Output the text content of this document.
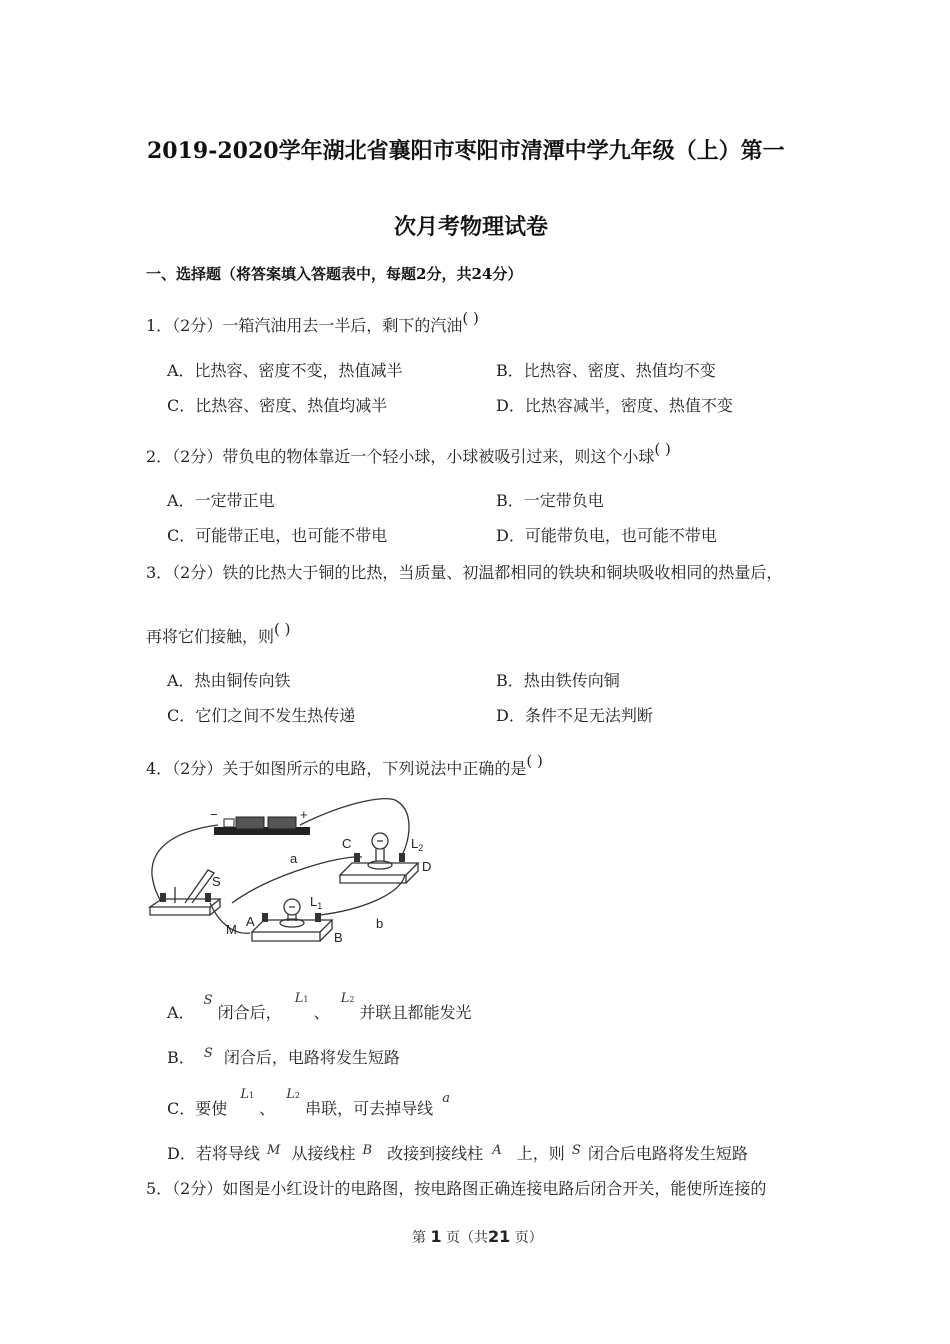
2019-2020学年湖北省襄阳市枣阳市清潭中学九年级（上）第一
次月考物理试卷
一、选择题（将答案填入答题表中，每题2分，共24分）
1．（2分）一箱汽油用去一半后，剩下的汽油( )
A．比热容、密度不变，热值减半	B．比热容、密度、热值均不变
C．比热容、密度、热值均减半	D．比热容减半，密度、热值不变
2．（2分）带负电的物体靠近一个轻小球，小球被吸引过来，则这个小球( )
A．一定带正电	B．一定带负电
C．可能带正电，也可能不带电	D．可能带负电，也可能不带电
3．（2分）铁的比热大于铜的比热，当质量、初温都相同的铁块和铜块吸收相同的热量后，
再将它们接触，则( )
A．热由铜传向铁	B．热由铁传向铜
C．它们之间不发生热传递	D．条件不足无法判断
4．（2分）关于如图所示的电路，下列说法中正确的是( )
−	+
S
C	$L_2$
D
a
$L_1$
A
M
B
b
A． $^S$ 闭合后， $^{L1}$ 、 $^{L2}$ 并联且都能发光
B． $^S$ 闭合后，电路将发生短路
C．要使 $^{L1}$ 、 $^{L2}$ 串联，可去掉导线 $^a$
D．若将导线 $^M$ 从接线柱 $^B$ 改接到接线柱 $^A$ 上，则 $^S$ 闭合后电路将发生短路
5．（2分）如图是小红设计的电路图，按电路图正确连接电路后闭合开关，能使所连接的
第 1 页（共21 页）
